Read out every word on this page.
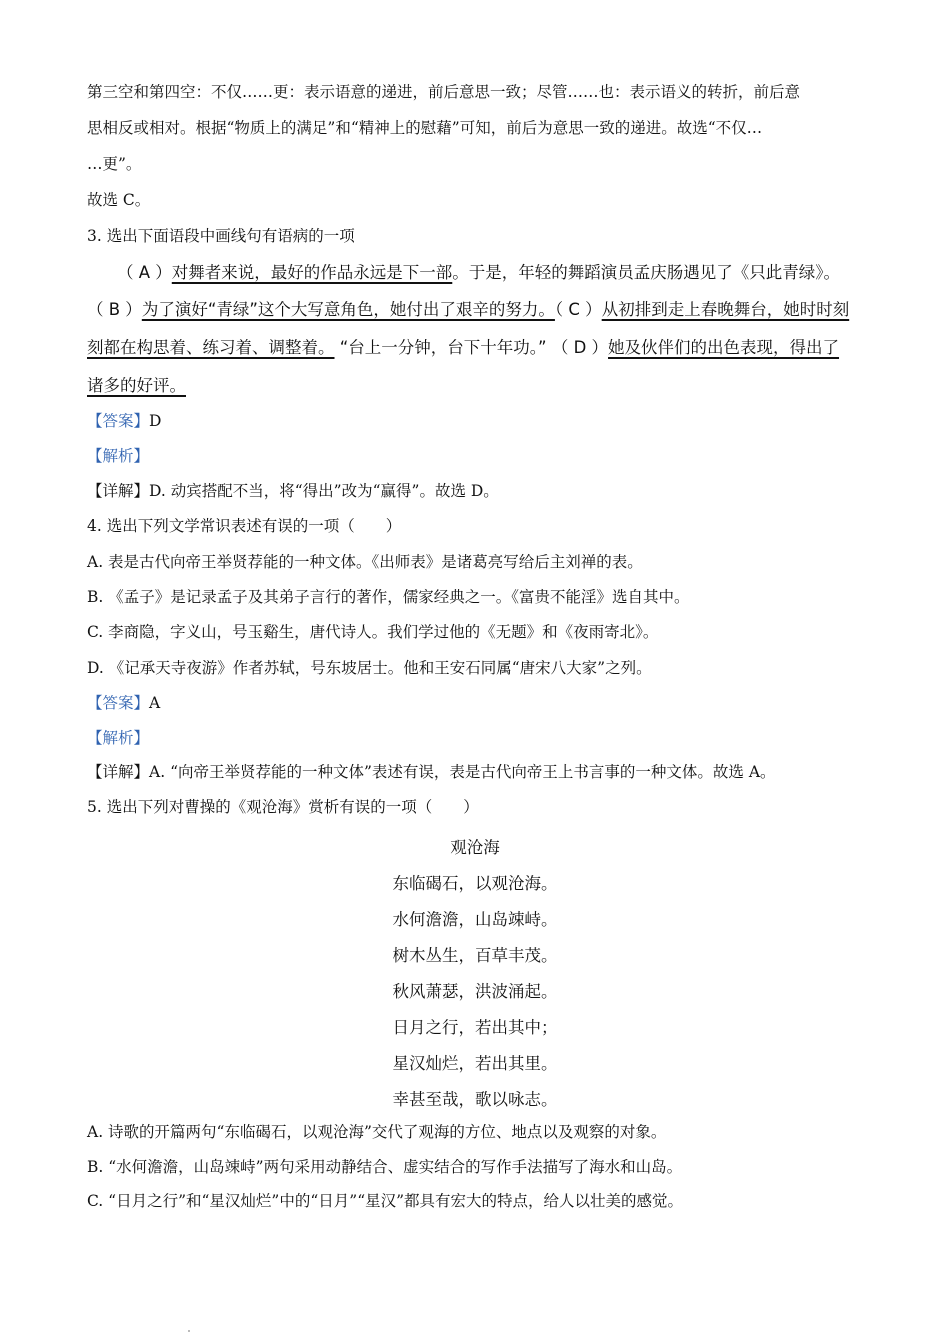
第三空和第四空：不仅……更：表示语意的递进，前后意思一致；尽管……也：表示语义的转折，前后意
思相反或相对。根据“物质上的满足”和“精神上的慰藉”可知，前后为意思一致的递进。故选“不仅…
…更”。
故选 C。
3. 选出下面语段中画线句有语病的一项
（ A ）对舞者来说，最好的作品永远是下一部。于是，年轻的舞蹈演员孟庆肠遇见了《只此青绿》。
（ B ）为了演好“青绿”这个大写意角色，她付出了艰辛的努力。（ C ）从初排到走上春晚舞台，她时时刻
刻都在构思着、练习着、调整着。 “台上一分钟，台下十年功。” （ D ）她及伙伴们的出色表现，得出了
诸多的好评。
【答案】D
【解析】
【详解】D. 动宾搭配不当，将“得出”改为“赢得”。故选 D。
4. 选出下列文学常识表述有误的一项（　　）
A. 表是古代向帝王举贤荐能的一种文体。《出师表》是诸葛亮写给后主刘禅的表。
B. 《孟子》是记录孟子及其弟子言行的著作，儒家经典之一。《富贵不能淫》选自其中。
C. 李商隐，字义山，号玉谿生，唐代诗人。我们学过他的《无题》和《夜雨寄北》。
D. 《记承天寺夜游》作者苏轼，号东坡居士。他和王安石同属“唐宋八大家”之列。
【答案】A
【解析】
【详解】A. “向帝王举贤荐能的一种文体”表述有误，表是古代向帝王上书言事的一种文体。故选 A。
5. 选出下列对曹操的《观沧海》赏析有误的一项（　　）
观沧海
东临碣石，以观沧海。
水何澹澹，山岛竦峙。
树木丛生，百草丰茂。
秋风萧瑟，洪波涌起。
日月之行，若出其中；
星汉灿烂，若出其里。
幸甚至哉，歌以咏志。
A. 诗歌的开篇两句“东临碣石，以观沧海”交代了观海的方位、地点以及观察的对象。
B. “水何澹澹，山岛竦峙”两句采用动静结合、虚实结合的写作手法描写了海水和山岛。
C. “日月之行”和“星汉灿烂”中的“日月”“星汉”都具有宏大的特点，给人以壮美的感觉。
